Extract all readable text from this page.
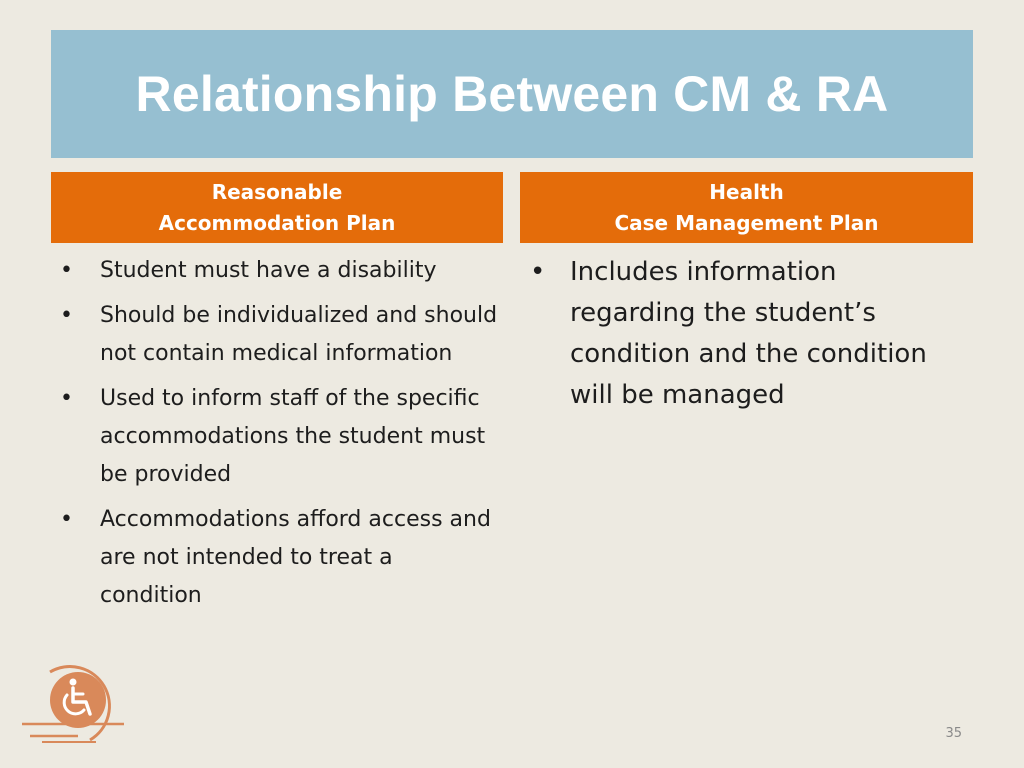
Relationship Between CM & RA
Reasonable
Accommodation Plan
Health
Case Management Plan
• Student must have a disability
• Should be individualized and should not contain medical information
• Used to inform staff of the specific accommodations the student must be provided
• Accommodations afford access and are not intended to treat a condition
• Includes information regarding the student’s condition and the condition will be managed
35
